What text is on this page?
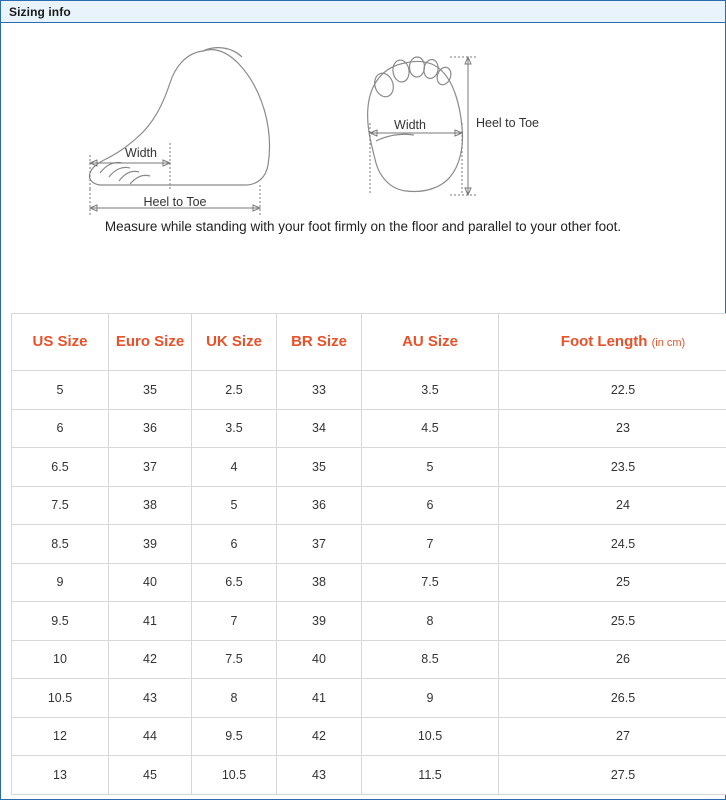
Sizing info
Width
Heel to Toe
Width	Heel to Toe
Measure while standing with your foot firmly on the floor and parallel to your other foot.
US Size	Euro Size	UK Size	BR Size	AU Size	Foot Length (in cm)
5	35	2.5	33	3.5	22.5
6	36	3.5	34	4.5	23
6.5	37	4	35	5	23.5
7.5	38	5	36	6	24
8.5	39	6	37	7	24.5
9	40	6.5	38	7.5	25
9.5	41	7	39	8	25.5
10	42	7.5	40	8.5	26
10.5	43	8	41	9	26.5
12	44	9.5	42	10.5	27
13	45	10.5	43	11.5	27.5
